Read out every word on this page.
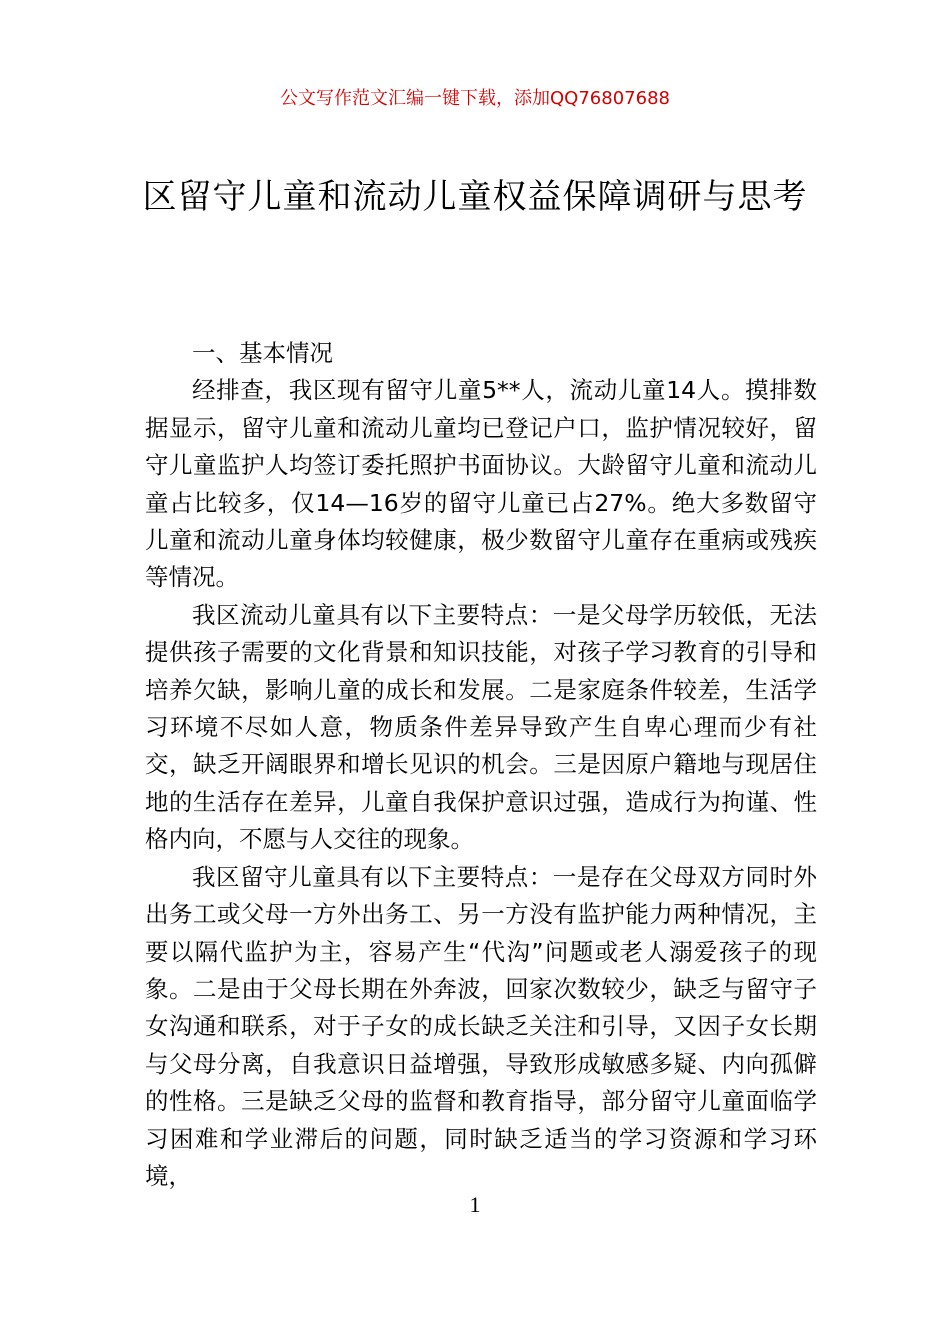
公文写作范文汇编一键下载，添加QQ76807688
区留守儿童和流动儿童权益保障调研与思考

一、基本情况

经排查，我区现有留守儿童5**人，流动儿童14人。摸排数据显示，留守儿童和流动儿童均已登记户口，监护情况较好，留守儿童监护人均签订委托照护书面协议。大龄留守儿童和流动儿童占比较多，仅14—16岁的留守儿童已占27%。绝大多数留守儿童和流动儿童身体均较健康，极少数留守儿童存在重病或残疾等情况。

我区流动儿童具有以下主要特点：一是父母学历较低，无法提供孩子需要的文化背景和知识技能，对孩子学习教育的引导和培养欠缺，影响儿童的成长和发展。二是家庭条件较差，生活学习环境不尽如人意，物质条件差异导致产生自卑心理而少有社交，缺乏开阔眼界和增长见识的机会。三是因原户籍地与现居住地的生活存在差异，儿童自我保护意识过强，造成行为拘谨、性格内向，不愿与人交往的现象。

我区留守儿童具有以下主要特点：一是存在父母双方同时外出务工或父母一方外出务工、另一方没有监护能力两种情况，主要以隔代监护为主，容易产生“代沟”问题或老人溺爱孩子的现象。二是由于父母长期在外奔波，回家次数较少，缺乏与留守子女沟通和联系，对于子女的成长缺乏关注和引导，又因子女长期与父母分离，自我意识日益增强，导致形成敏感多疑、内向孤僻的性格。三是缺乏父母的监督和教育指导，部分留守儿童面临学习困难和学业滞后的问题，同时缺乏适当的学习资源和学习环境，

1
